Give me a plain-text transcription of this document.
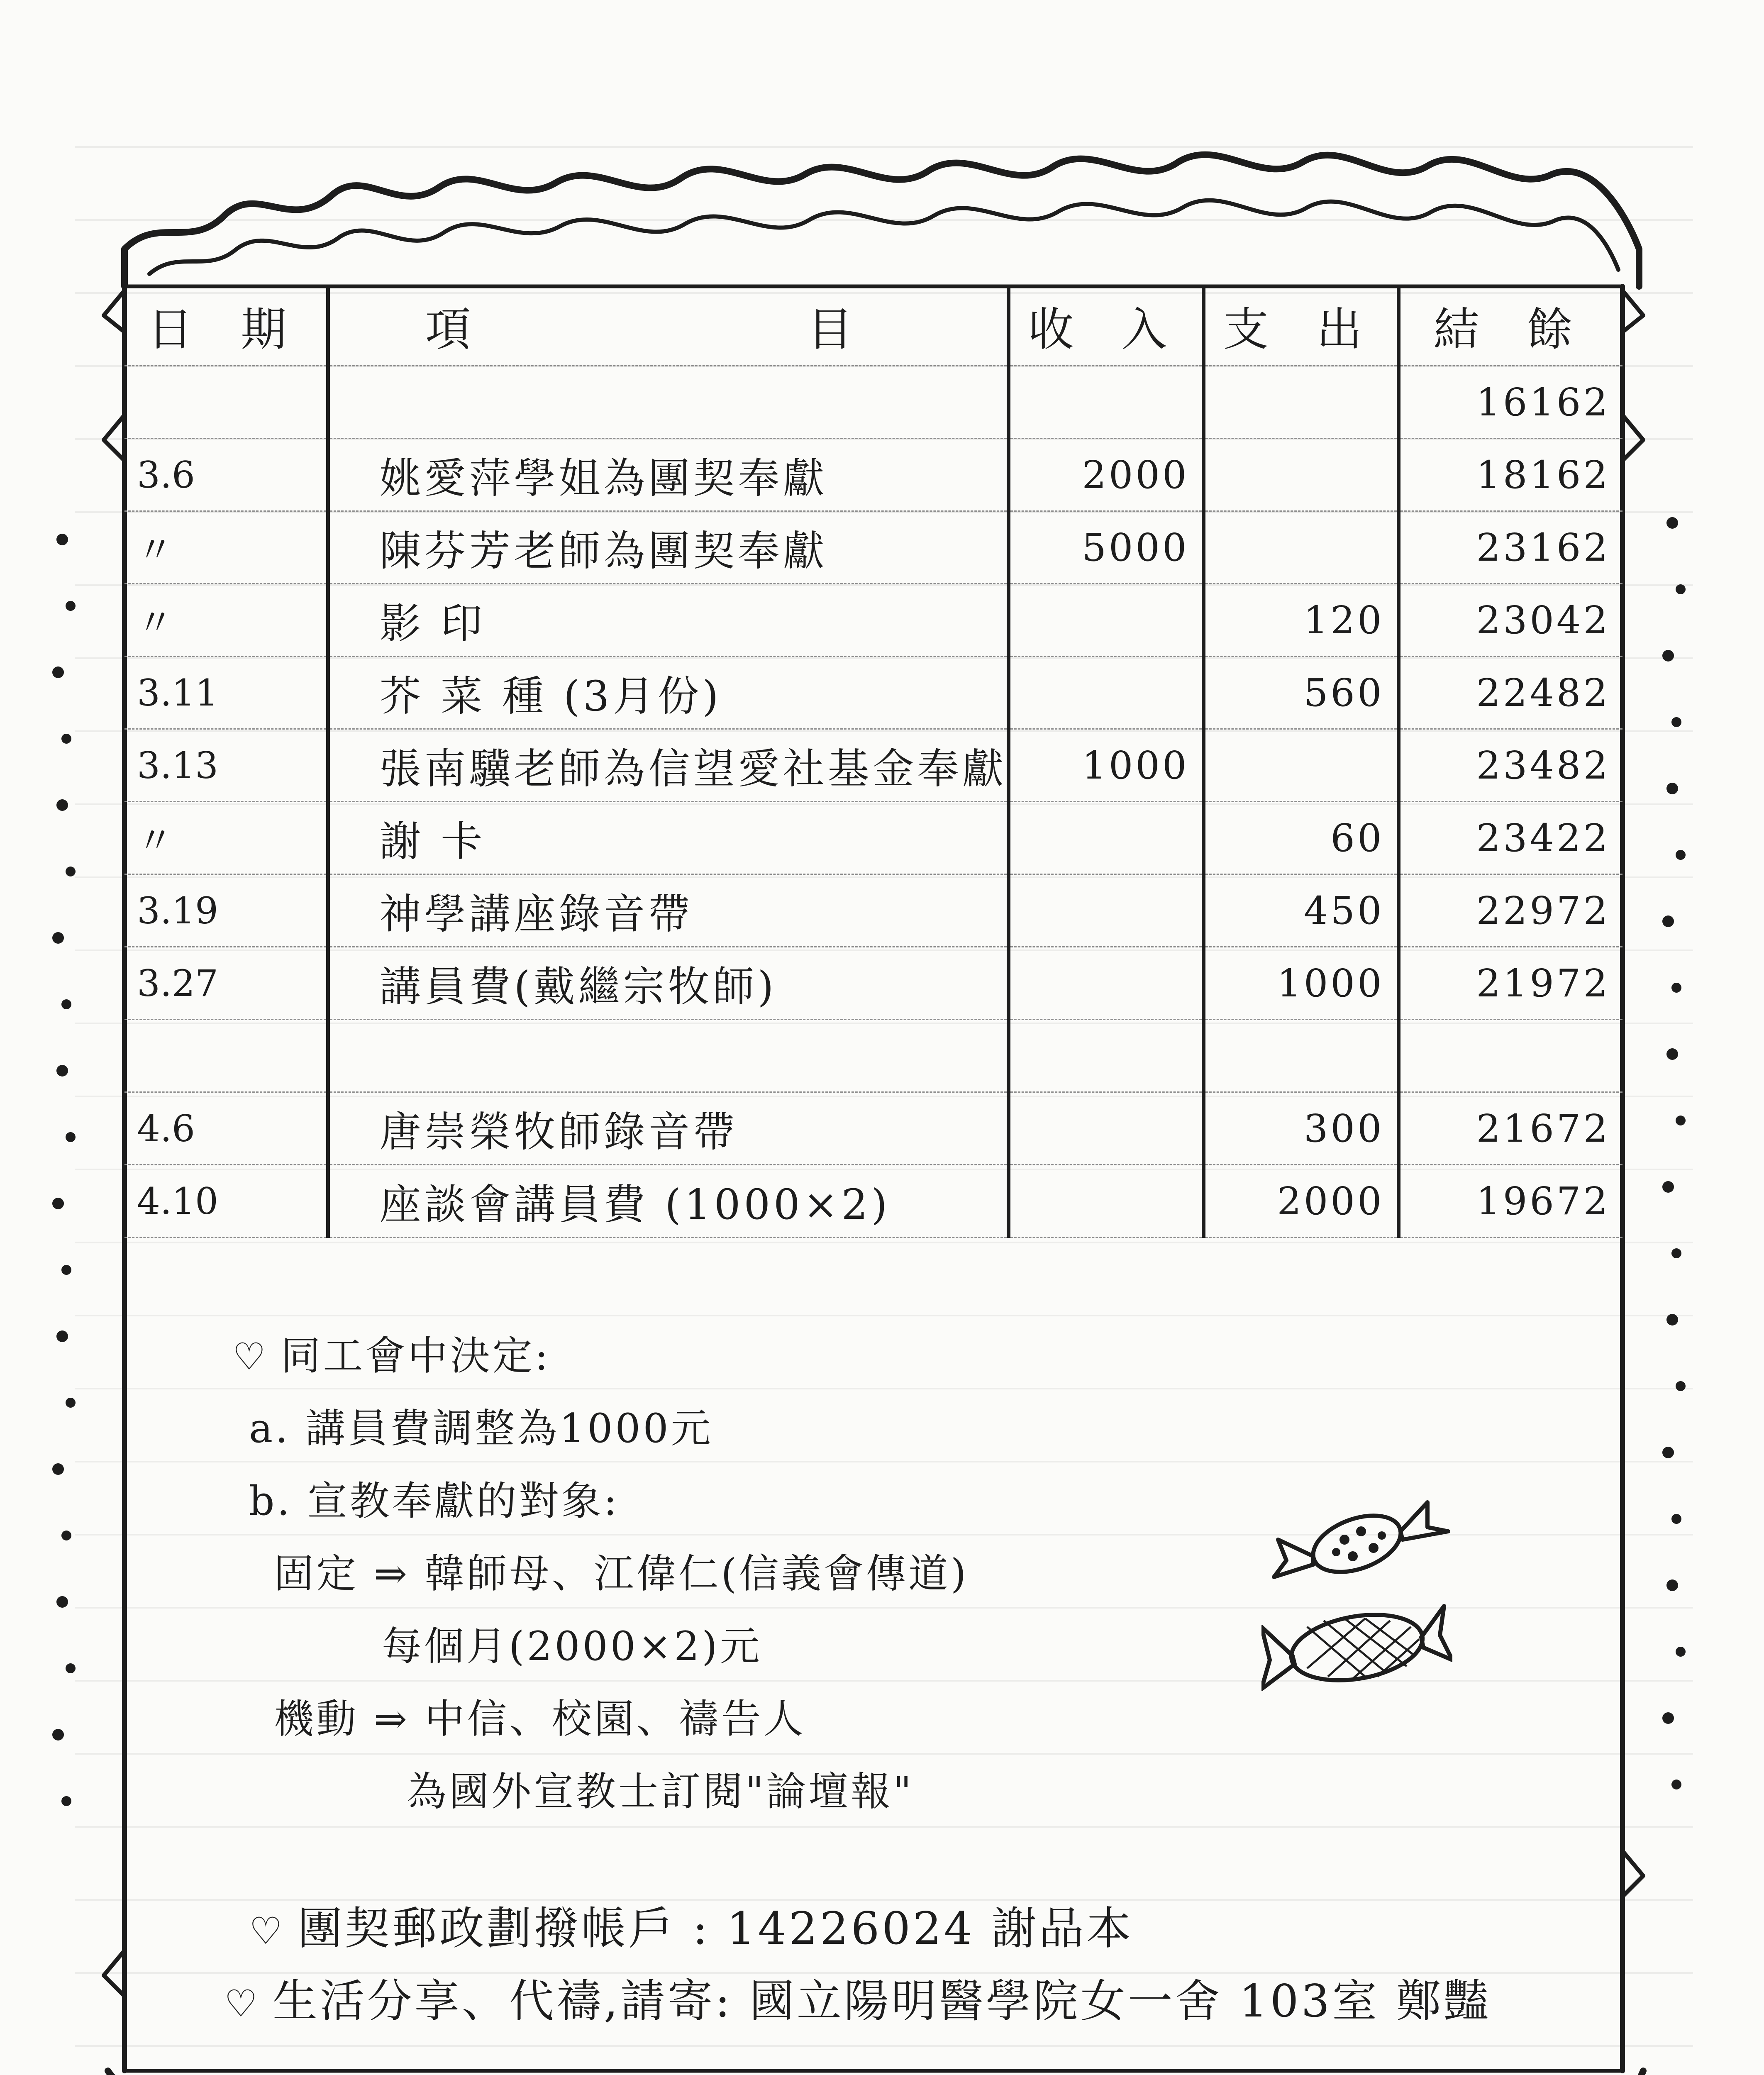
日 期	項 目	收 入	支 出	結 餘
				16162
3.6	姚愛萍學姐為團契奉獻	2000		18162
〃	陳芬芳老師為團契奉獻	5000		23162
〃	影 印		120	23042
3.11	芥 菜 種 (3月份)		560	22482
3.13	張南驥老師為信望愛社基金奉獻	1000		23482
〃	謝 卡		60	23422
3.19	神學講座錄音帶		450	22972
3.27	講員費(戴繼宗牧師)		1000	21972

4.6	唐崇榮牧師錄音帶		300	21672
4.10	座談會講員費 (1000×2)		2000	19672
♡ 同工會中決定:
a. 講員費調整為1000元
b. 宣教奉獻的對象:
固定 ⇒ 韓師母、江偉仁(信義會傳道)
每個月(2000×2)元
機動 ⇒ 中信、校園、禱告人
為國外宣教士訂閱"論壇報"
♡ 團契郵政劃撥帳戶 : 14226024 謝品本
♡ 生活分享、代禱,請寄: 國立陽明醫學院女一舍 103室 鄭豔
